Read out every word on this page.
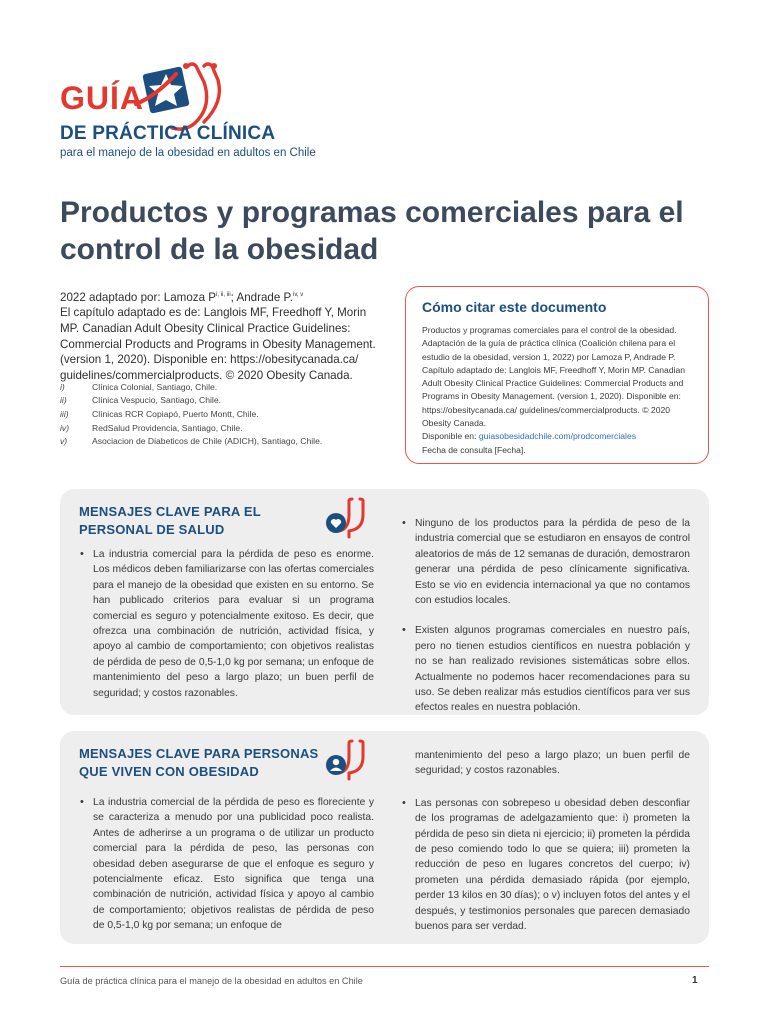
GUÍA
DE PRÁCTICA CLÍNICA
para el manejo de la obesidad en adultos en Chile
Productos y programas comerciales para el control de la obesidad
2022 adaptado por: Lamoza $P^{i, ii, iii}$; Andrade P.$^{iv, v}$
El capítulo adaptado es de: Langlois MF, Freedhoff Y, Morin MP. Canadian Adult Obesity Clinical Practice Guidelines: Commercial Products and Programs in Obesity Management. (version 1, 2020). Disponible en: https://obesitycanada.ca/ guidelines/commercialproducts. © 2020 Obesity Canada.
i)	Clínica Colonial, Santiago, Chile.
ii)	Clínica Vespucio, Santiago, Chile.
iii)	Clínicas RCR Copiapó, Puerto Montt, Chile.
iv)	RedSalud Providencia, Santiago, Chile.
v)	Asociacion de Diabeticos de Chile (ADICH), Santiago, Chile.
Cómo citar este documento
Productos y programas comerciales para el control de la obesidad. Adaptación de la guía de práctica clínica (Coalición chilena para el estudio de la obesidad, version 1, 2022) por Lamoza P, Andrade P. Capítulo adaptado de: Langlois MF, Freedhoff Y, Morin MP. Canadian Adult Obesity Clinical Practice Guidelines: Commercial Products and Programs in Obesity Management. (version 1, 2020). Disponible en: https://obesitycanada.ca/ guidelines/commercialproducts. © 2020 Obesity Canada.
Disponible en: guiasobesidadchile.com/prodcomerciales
Fecha de consulta [Fecha].
MENSAJES CLAVE PARA EL
PERSONAL DE SALUD

• La industria comercial para la pérdida de peso es enorme. Los médicos deben familiarizarse con las ofertas comerciales para el manejo de la obesidad que existen en su entorno. Se han publicado criterios para evaluar si un programa comercial es seguro y potencialmente exitoso. Es decir, que ofrezca una combinación de nutrición, actividad física, y apoyo al cambio de comportamiento; con objetivos realistas de pérdida de peso de 0,5-1,0 kg por semana; un enfoque de mantenimiento del peso a largo plazo; un buen perfil de seguridad; y costos razonables.

• Ninguno de los productos para la pérdida de peso de la industria comercial que se estudiaron en ensayos de control aleatorios de más de 12 semanas de duración, demostraron generar una pérdida de peso clínicamente significativa. Esto se vio en evidencia internacional ya que no contamos con estudios locales.

• Existen algunos programas comerciales en nuestro país, pero no tienen estudios científicos en nuestra población y no se han realizado revisiones sistemáticas sobre ellos. Actualmente no podemos hacer recomendaciones para su uso. Se deben realizar más estudios científicos para ver sus efectos reales en nuestra población.

MENSAJES CLAVE PARA PERSONAS
QUE VIVEN CON OBESIDAD

• La industria comercial de la pérdida de peso es floreciente y se caracteriza a menudo por una publicidad poco realista. Antes de adherirse a un programa o de utilizar un producto comercial para la pérdida de peso, las personas con obesidad deben asegurarse de que el enfoque es seguro y potencialmente eficaz. Esto significa que tenga una combinación de nutrición, actividad física y apoyo al cambio de comportamiento; objetivos realistas de pérdida de peso de 0,5-1,0 kg por semana; un enfoque de

mantenimiento del peso a largo plazo; un buen perfil de seguridad; y costos razonables.

• Las personas con sobrepeso u obesidad deben desconfiar de los programas de adelgazamiento que: i) prometen la pérdida de peso sin dieta ni ejercicio; ii) prometen la pérdida de peso comiendo todo lo que se quiera; iii) prometen la reducción de peso en lugares concretos del cuerpo; iv) prometen una pérdida demasiado rápida (por ejemplo, perder 13 kilos en 30 días); o v) incluyen fotos del antes y el después, y testimonios personales que parecen demasiado buenos para ser verdad.

Guía de práctica clínica para el manejo de la obesidad en adultos en Chile	1
